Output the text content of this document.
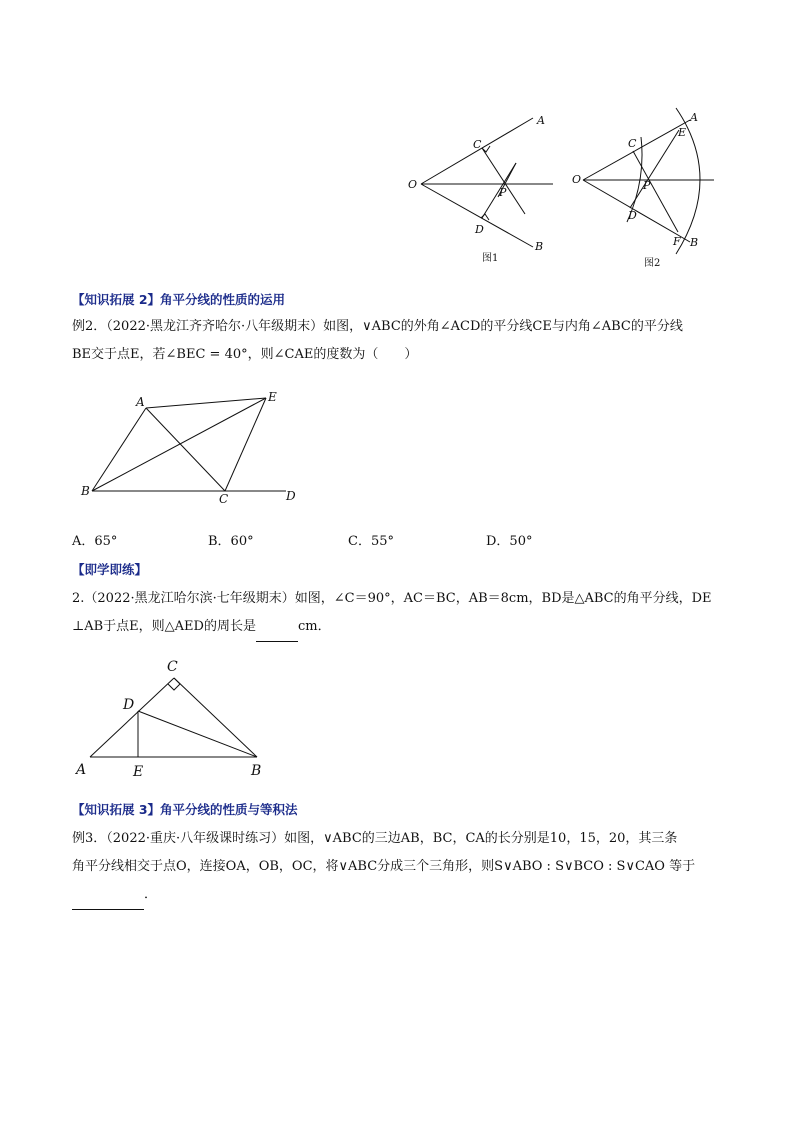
A
B
C
D
O
P
图1
A
B
C
D
E
F
O	P
图2
A
B
C	D
E
A	B
C
D
E
【知识拓展 2】角平分线的性质的运用
例2．（2022·黑龙江齐齐哈尔·八年级期末）如图，∨ABC的外角∠ACD的平分线CE与内角∠ABC的平分线
BE交于点E，若∠BEC = 40°，则∠CAE的度数为（　　）
A．65°	B．60°	C．55°	D．50°
【即学即练】
2.（2022·黑龙江哈尔滨·七年级期末）如图，∠C＝90°，AC＝BC，AB＝8cm，BD是△ABC的角平分线，DE
⊥AB于点E，则△AED的周长是	cm．
【知识拓展 3】角平分线的性质与等积法
例3．（2022·重庆·八年级课时练习）如图，∨ABC的三边AB，BC，CA的长分别是10，15，20，其三条
角平分线相交于点O，连接OA，OB，OC，将∨ABC分成三个三角形，则S∨ABO : S∨BCO : S∨CAO 等于
．
